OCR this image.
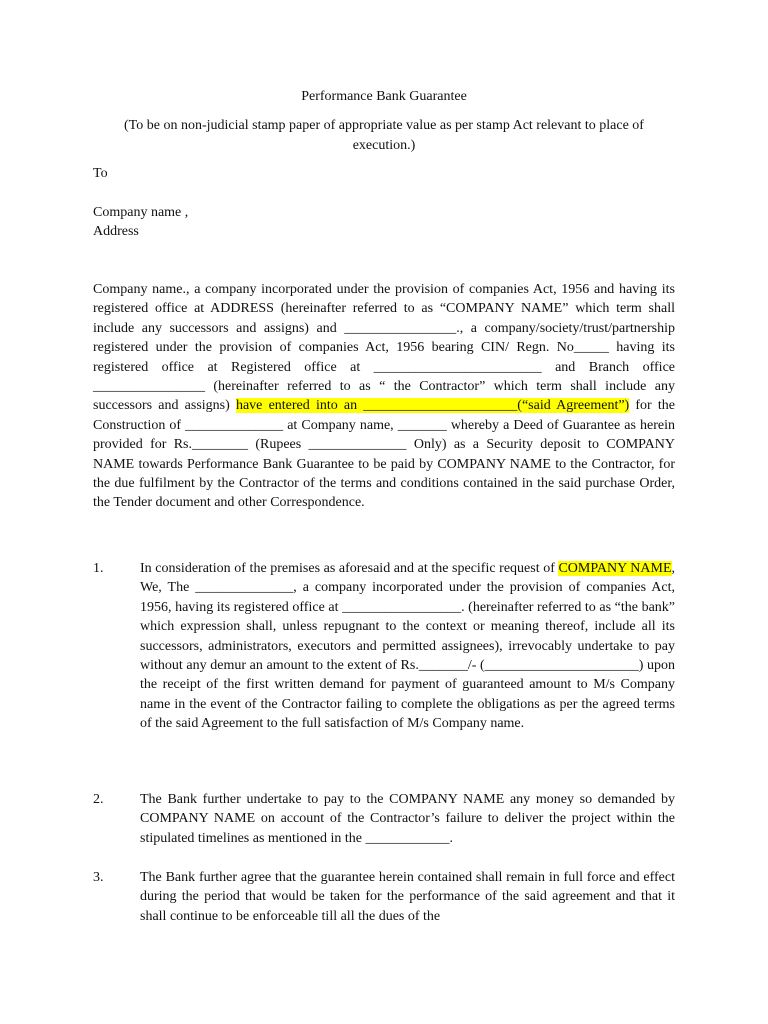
Performance Bank Guarantee
(To be on non-judicial stamp paper of appropriate value as per stamp Act relevant to place of execution.)
To
Company name ,
Address
Company name., a company incorporated under the provision of companies Act, 1956 and having its registered office at ADDRESS (hereinafter referred to as “COMPANY NAME” which term shall include any successors and assigns) and ________________., a company/society/trust/partnership registered under the provision of companies Act, 1956 bearing CIN/ Regn. No_____ having its registered office at Registered office at ________________________ and Branch office ________________ (hereinafter referred to as “ the Contractor” which term shall include any successors and assigns) have entered into an ______________________(“said Agreement”) for the Construction of ______________ at Company name, _______ whereby a Deed of Guarantee as herein provided for Rs.________ (Rupees ______________ Only) as a Security deposit to COMPANY NAME towards Performance Bank Guarantee to be paid by COMPANY NAME to the Contractor, for the due fulfilment by the Contractor of the terms and conditions contained in the said purchase Order, the Tender document and other Correspondence.
1.	In consideration of the premises as aforesaid and at the specific request of COMPANY NAME, We, The ______________, a company incorporated under the provision of companies Act, 1956, having its registered office at _________________. (hereinafter referred to as “the bank” which expression shall, unless repugnant to the context or meaning thereof, include all its successors, administrators, executors and permitted assignees), irrevocably undertake to pay without any demur an amount to the extent of Rs._______/- (______________________) upon the receipt of the first written demand for payment of guaranteed amount to M/s Company name in the event of the Contractor failing to complete the obligations as per the agreed terms of the said Agreement to the full satisfaction of M/s Company name.
2.	The Bank further undertake to pay to the COMPANY NAME any money so demanded by COMPANY NAME on account of the Contractor’s failure to deliver the project within the stipulated timelines as mentioned in the ____________.
3.	The Bank further agree that the guarantee herein contained shall remain in full force and effect during the period that would be taken for the performance of the said agreement and that it shall continue to be enforceable till all the dues of the
